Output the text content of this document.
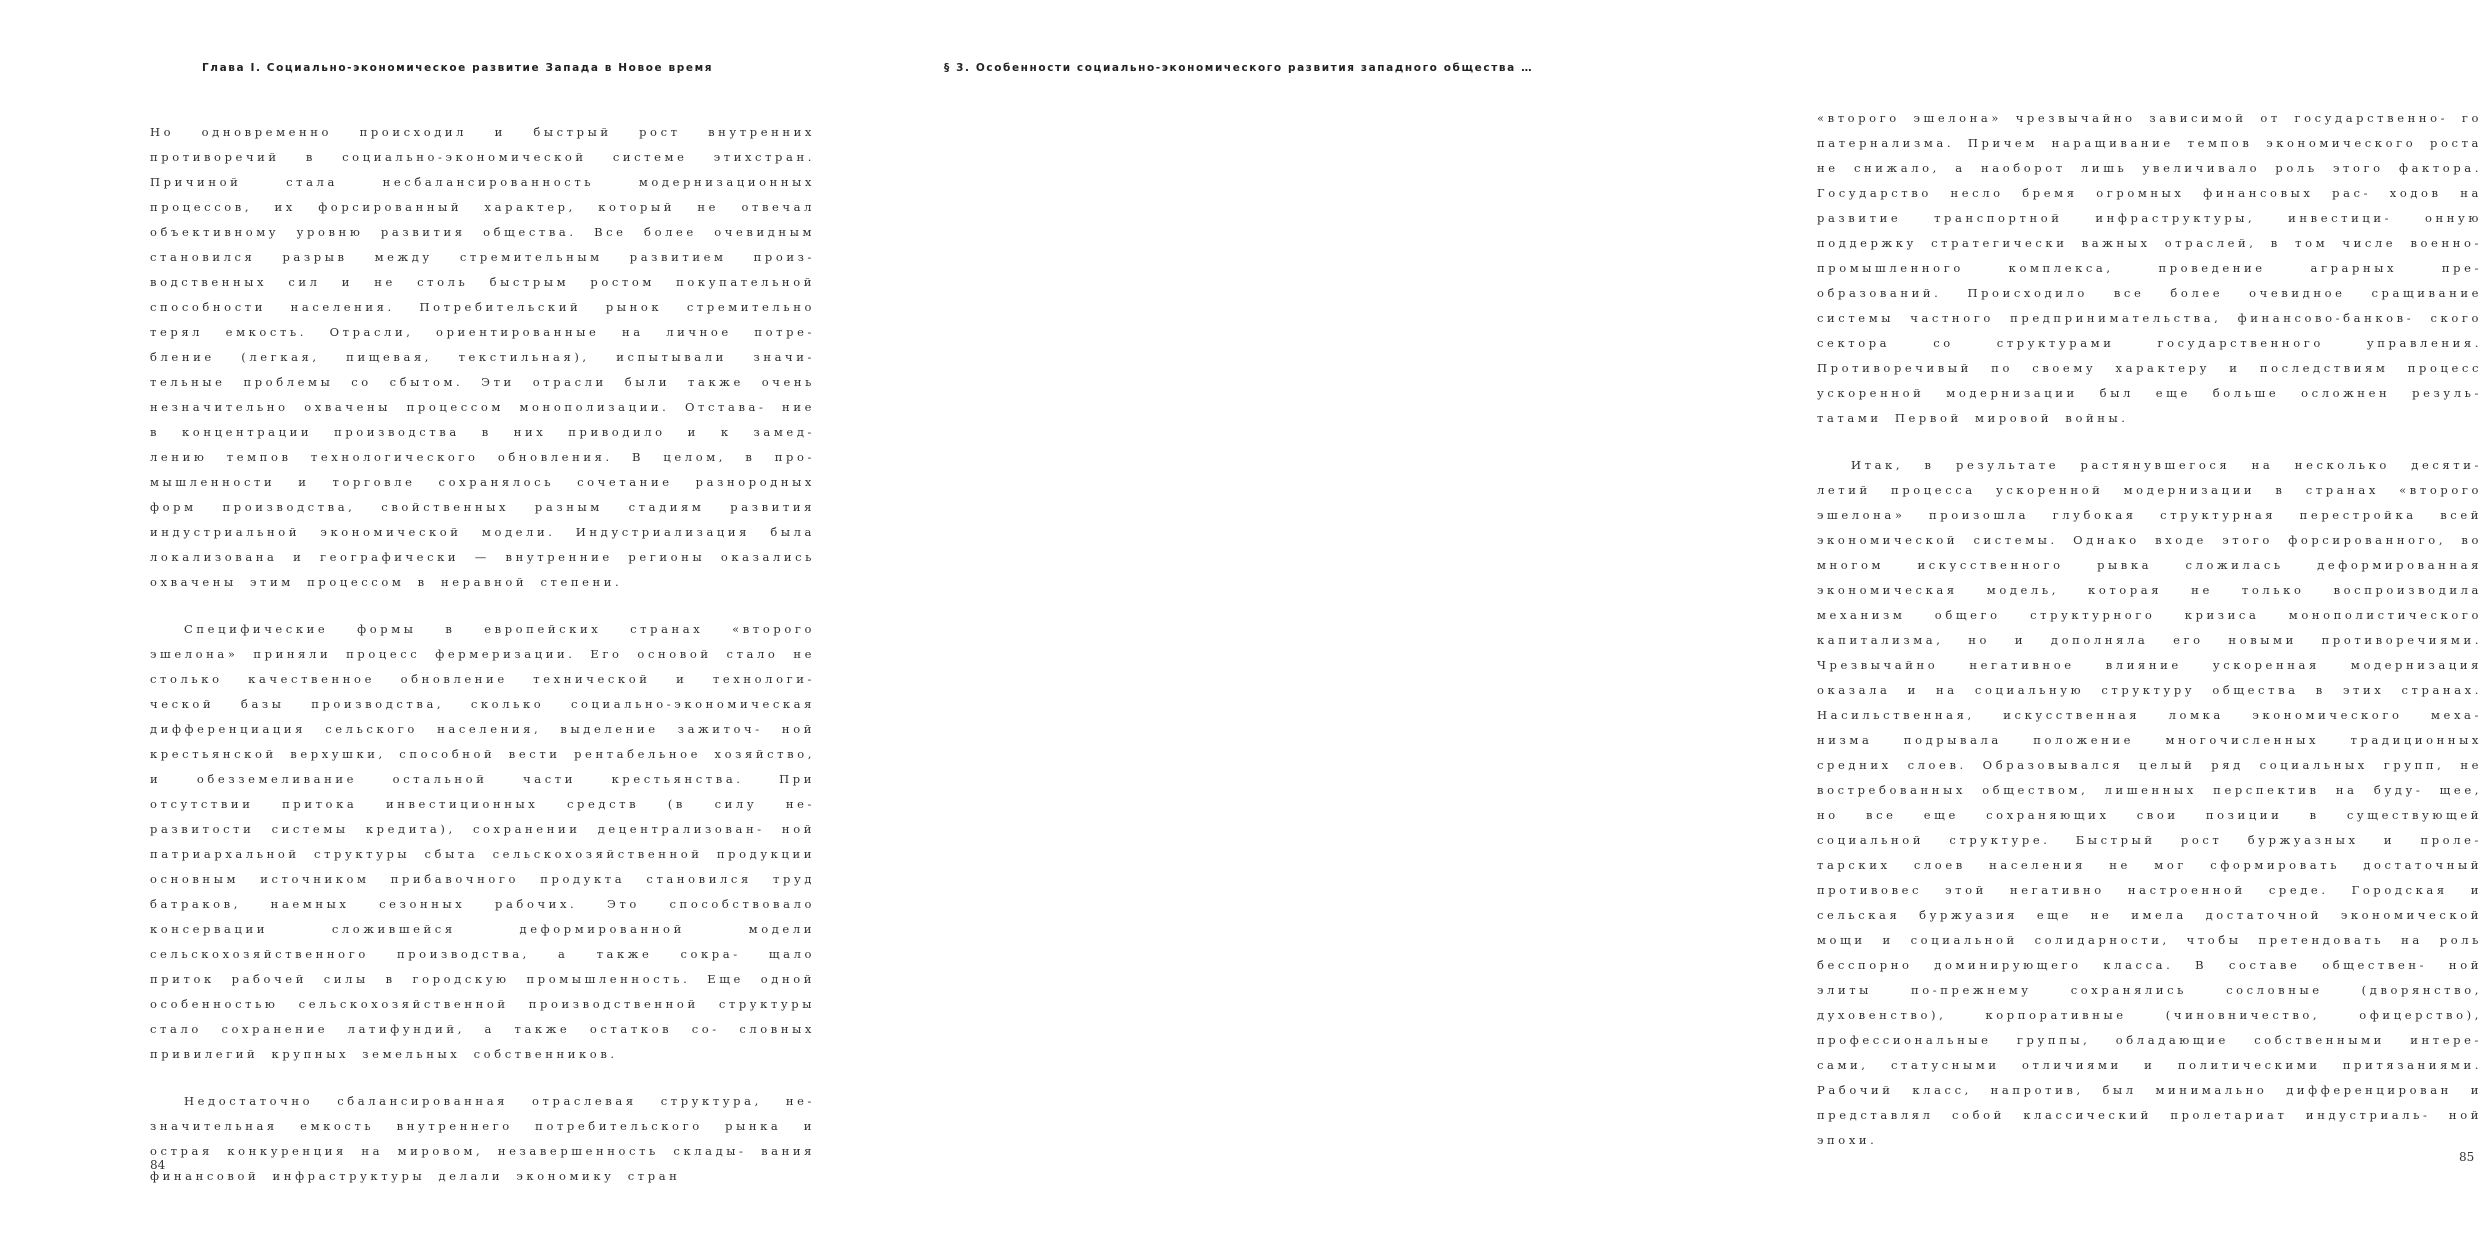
Глава I. Социально-экономическое развитие Запада в Новое время

Но одновременно происходил и быстрый рост внутренних противоречий в социально-экономической системе этихстран. Причиной стала несбалансированность модернизационных процессов, их форсированный характер, который не отвечал объективному уровню развития общества. Все более очевидным становился разрыв между стремительным развитием произ- водственных сил и не столь быстрым ростом покупательной способности населения. Потребительский рынок стремительно терял емкость. Отрасли, ориентированные на личное потре- бление (легкая, пищевая, текстильная), испытывали значи- тельные проблемы со сбытом. Эти отрасли были также очень незначительно охвачены процессом монополизации. Отстава- ние в концентрации производства в них приводило и к замед- лению темпов технологического обновления. В целом, в про- мышленности и торговле сохранялось сочетание разнородных форм производства, свойственных разным стадиям развития индустриальной экономической модели. Индустриализация была локализована и географически — внутренние регионы оказались охвачены этим процессом в неравной степени.

Специфические формы в европейских странах «второго эшелона» приняли процесс фермеризации. Его основой стало не столько качественное обновление технической и технологи- ческой базы производства, сколько социально-экономическая дифференциация сельского населения, выделение зажиточ- ной крестьянской верхушки, способной вести рентабельное хозяйство, и обезземеливание остальной части крестьянства. При отсутствии притока инвестиционных средств (в силу не- развитости системы кредита), сохранении децентрализован- ной патриархальной структуры сбыта сельскохозяйственной продукции основным источником прибавочного продукта становился труд батраков, наемных сезонных рабочих. Это способствовало консервации сложившейся деформированной модели сельскохозяйственного производства, а также сокра- щало приток рабочей силы в городскую промышленность. Еще одной особенностью сельскохозяйственной производственной структуры стало сохранение латифундий, а также остатков со- словных привилегий крупных земельных собственников.

Недостаточно сбалансированная отраслевая структура, не- значительная емкость внутреннего потребительского рынка и острая конкуренция на мировом, незавершенность склады- вания финансовой инфраструктуры делали экономику стран

84
§ 3. Особенности социально-экономического развития западного общества …

«второго эшелона» чрезвычайно зависимой от государственно- го патернализма. Причем наращивание темпов экономического роста не снижало, а наоборот лишь увеличивало роль этого фактора. Государство несло бремя огромных финансовых рас- ходов на развитие транспортной инфраструктуры, инвестици- онную поддержку стратегически важных отраслей, в том числе военно-промышленного комплекса, проведение аграрных пре- образований. Происходило все более очевидное сращивание системы частного предпринимательства, финансово-банков- ского сектора со структурами государственного управления. Противоречивый по своему характеру и последствиям процесс ускоренной модернизации был еще больше осложнен резуль- татами Первой мировой войны.

Итак, в результате растянувшегося на несколько десяти- летий процесса ускоренной модернизации в странах «второго эшелона» произошла глубокая структурная перестройка всей экономической системы. Однако входе этого форсированного, во многом искусственного рывка сложилась деформированная экономическая модель, которая не только воспроизводила механизм общего структурного кризиса монополистического капитализма, но и дополняла его новыми противоречиями. Чрезвычайно негативное влияние ускоренная модернизация оказала и на социальную структуру общества в этих странах. Насильственная, искусственная ломка экономического меха- низма подрывала положение многочисленных традиционных средних слоев. Образовывался целый ряд социальных групп, не востребованных обществом, лишенных перспектив на буду- щее, но все еще сохраняющих свои позиции в существующей социальной структуре. Быстрый рост буржуазных и проле- тарских слоев населения не мог сформировать достаточный противовес этой негативно настроенной среде. Городская и сельская буржуазия еще не имела достаточной экономической мощи и социальной солидарности, чтобы претендовать на роль бесспорно доминирующего класса. В составе обществен- ной элиты по-прежнему сохранялись сословные (дворянство, духовенство), корпоративные (чиновничество, офицерство), профессиональные группы, обладающие собственными интере- сами, статусными отличиями и политическими притязаниями. Рабочий класс, напротив, был минимально дифференцирован и представлял собой классический пролетариат индустриаль- ной эпохи.

85
